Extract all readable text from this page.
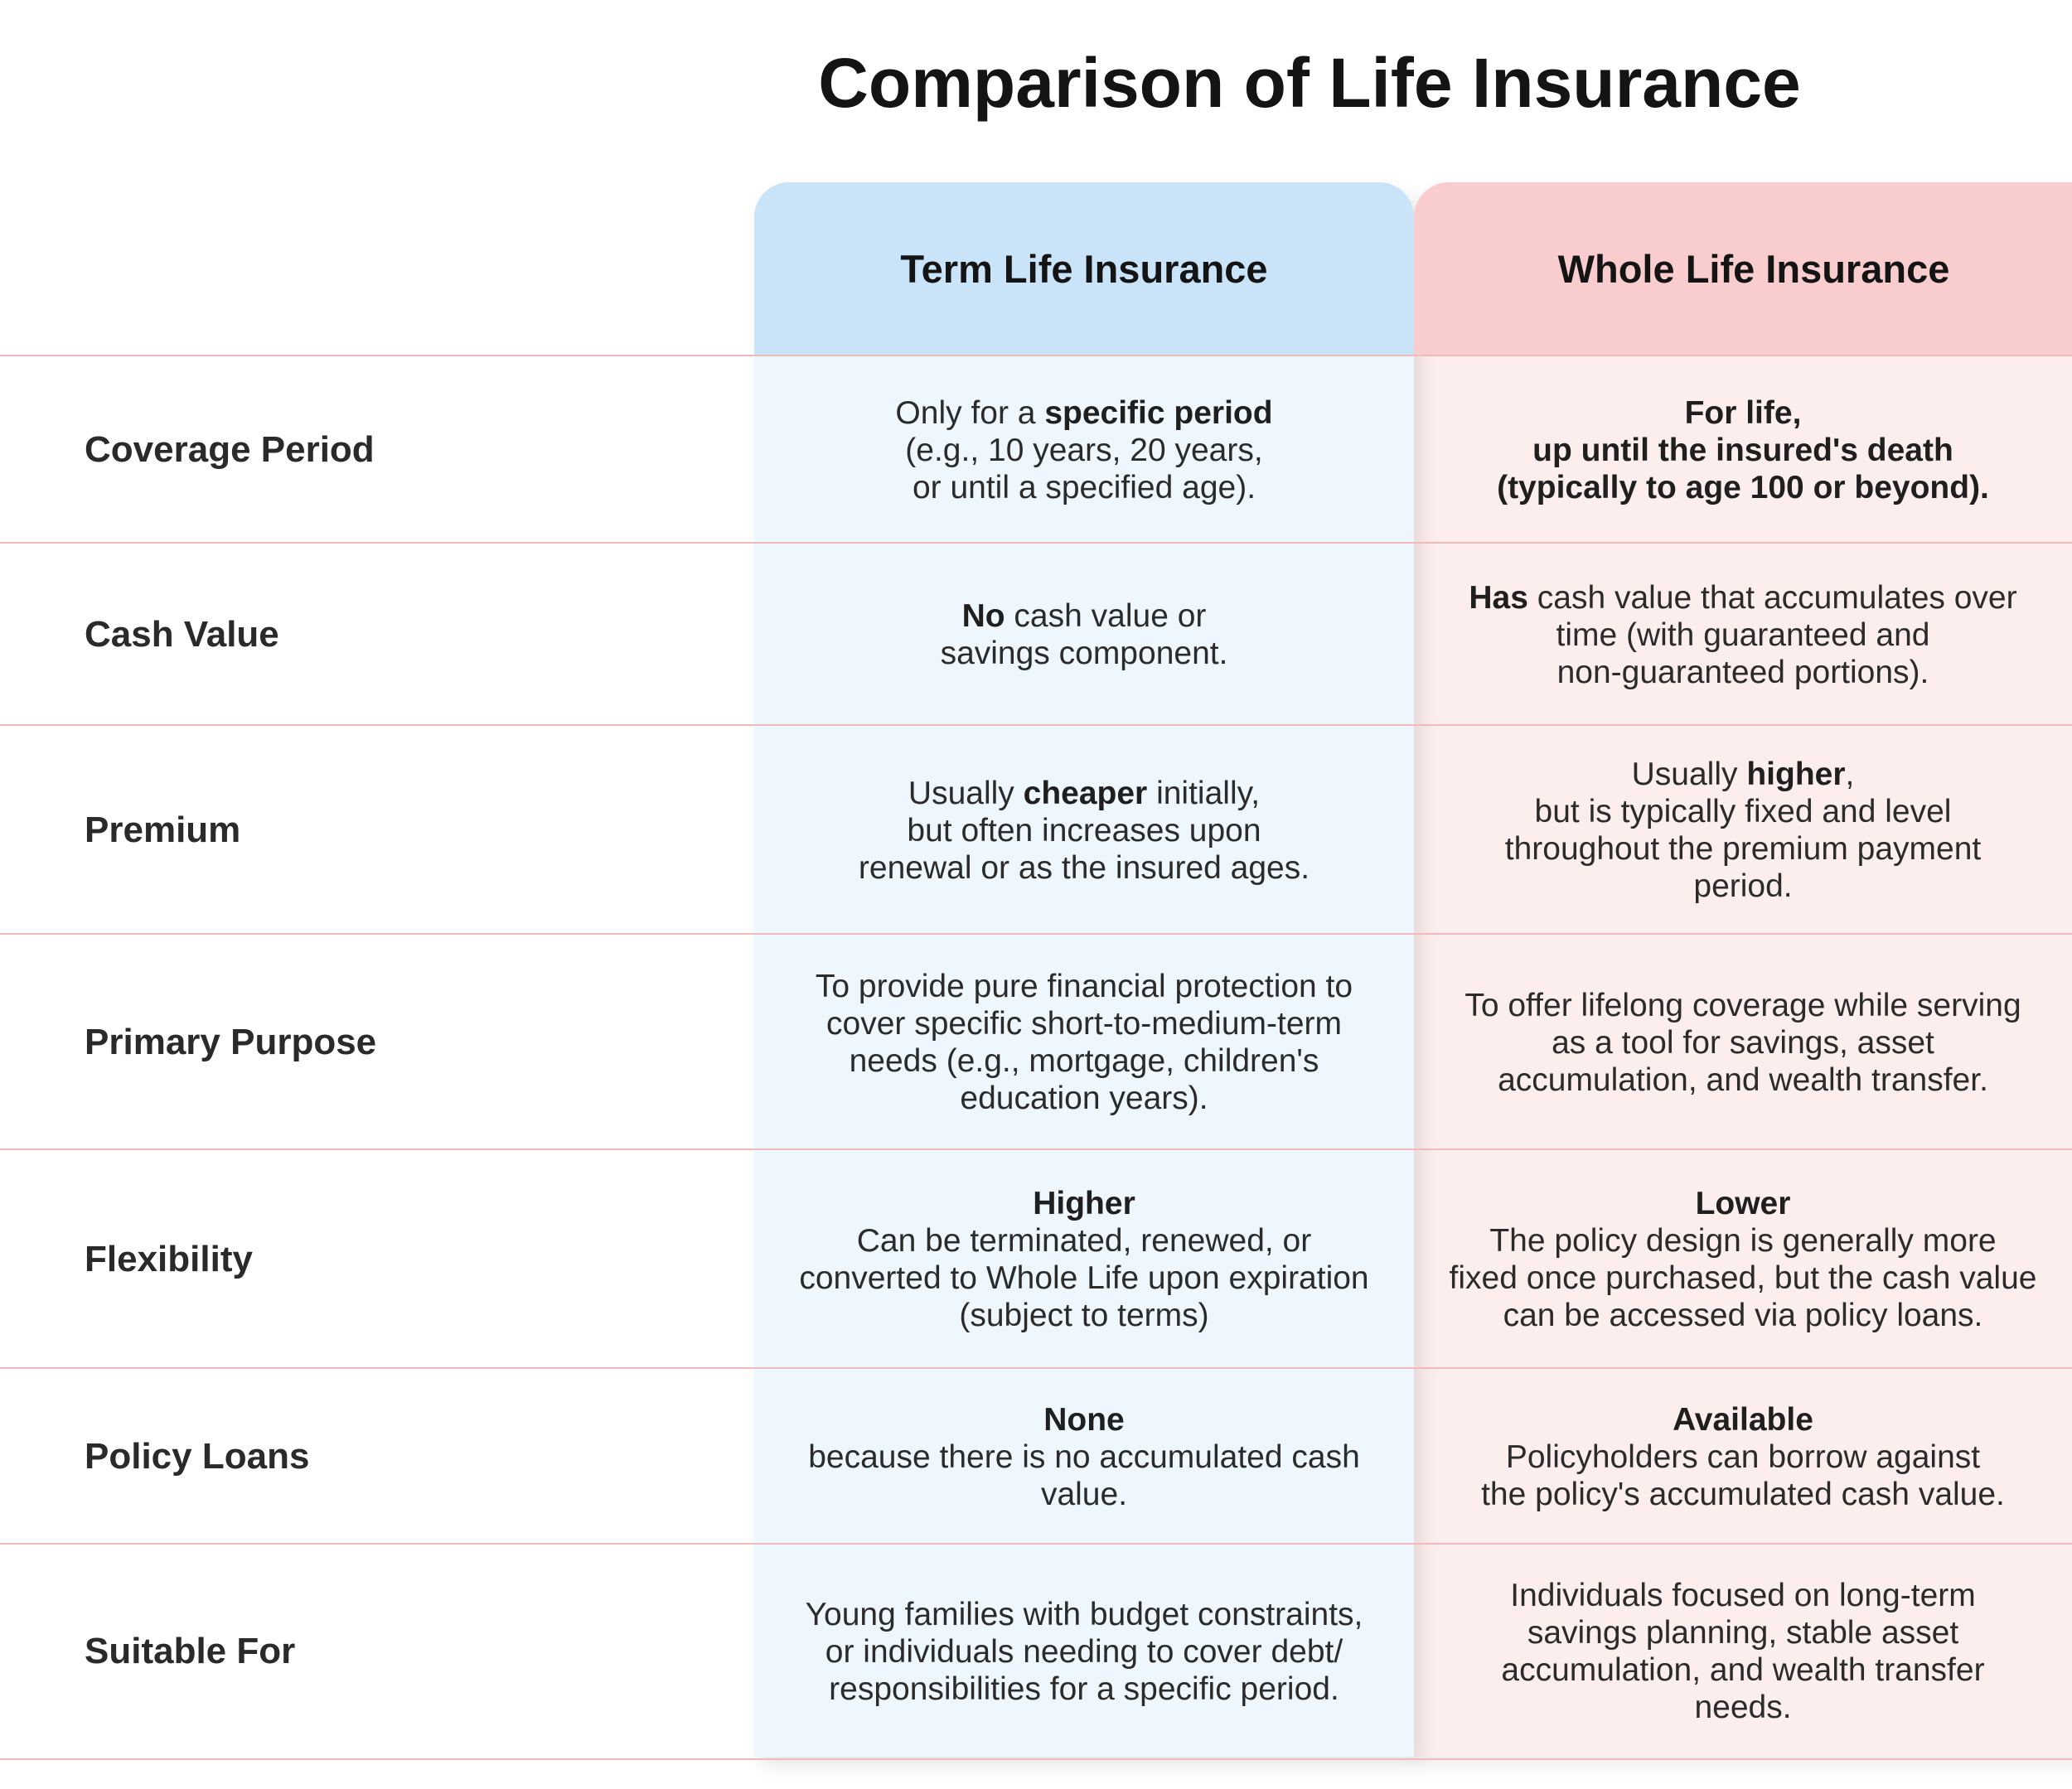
Comparison of Life Insurance
Term Life Insurance	Whole Life Insurance
Coverage Period
Only for a specific period
(e.g., 10 years, 20 years,
or until a specified age).
For life,
up until the insured's death
(typically to age 100 or beyond).
Cash Value	No cash value or
savings component.
Has cash value that accumulates over
time (with guaranteed and
non-guaranteed portions).
Premium
Usually cheaper initially,
but often increases upon
renewal or as the insured ages.
Usually higher,
but is typically fixed and level
throughout the premium payment
period.
Primary Purpose
To provide pure financial protection to
cover specific short-to-medium-term
needs (e.g., mortgage, children's
education years).
To offer lifelong coverage while serving
as a tool for savings, asset
accumulation, and wealth transfer.
Flexibility
Higher
Can be terminated, renewed, or
converted to Whole Life upon expiration
(subject to terms)
Lower
The policy design is generally more
fixed once purchased, but the cash value
can be accessed via policy loans.
Policy Loans
None
because there is no accumulated cash
value.
Available
Policyholders can borrow against
the policy's accumulated cash value.
Suitable For
Young families with budget constraints,
or individuals needing to cover debt/
responsibilities for a specific period.
Individuals focused on long-term
savings planning, stable asset
accumulation, and wealth transfer
needs.
